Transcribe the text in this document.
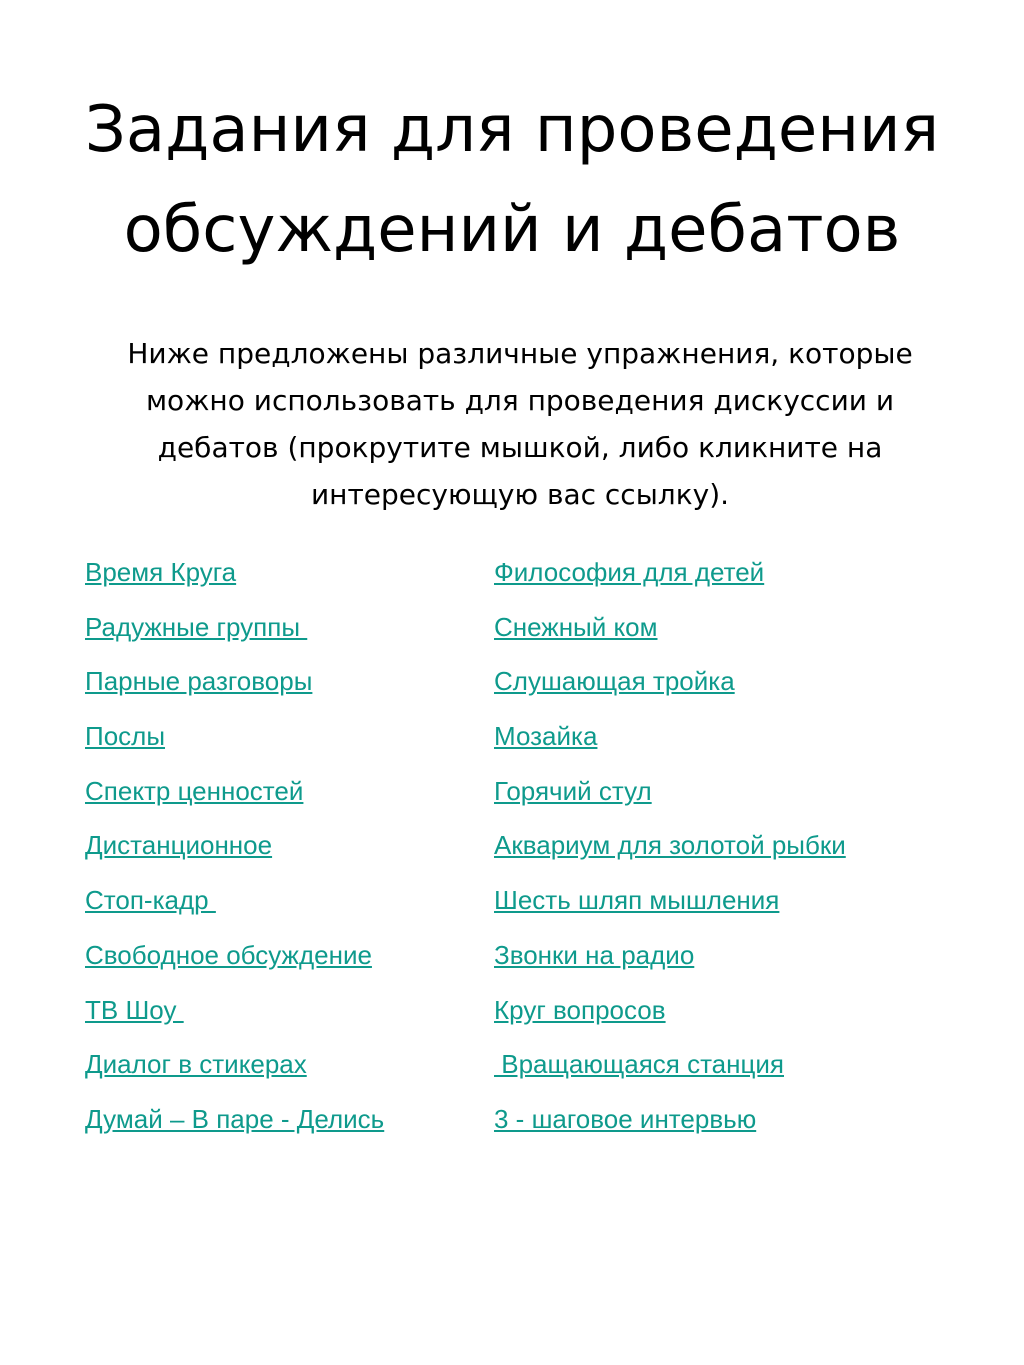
Задания для проведения
обсуждений и дебатов
Ниже предложены различные упражнения, которые
можно использовать для проведения дискуссии и
дебатов (прокрутите мышкой, либо кликните на
интересующую вас ссылку).
Время Круга
Радужные группы
Парные разговоры
Послы
Спектр ценностей
Дистанционное
Стоп-кадр
Свободное обсуждение
ТВ Шоу
Диалог в стикерах
Думай – В паре - Делись
Философия для детей
Снежный ком
Слушающая тройка
Мозайка
Горячий стул
Аквариум для золотой рыбки
Шесть шляп мышления
Звонки на радио
Круг вопросов
Вращающаяся станция
3 - шаговое интервью
